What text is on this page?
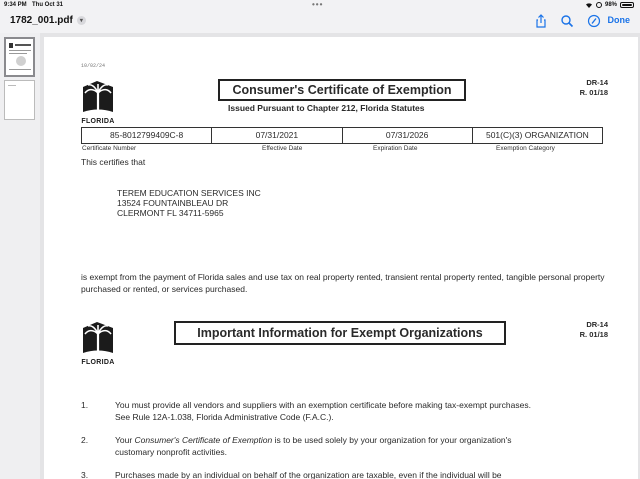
9:34 PM Thu Oct 31	•••	98%
1782_001.pdf	▾	Done
10/02/24
FLORIDA
Consumer's Certificate of Exemption
Issued Pursuant to Chapter 212, Florida Statutes
DR-14
R. 01/18
85-8012799409C-8	07/31/2021	07/31/2026	501(C)(3) ORGANIZATION
Certificate Number	Effective Date	Expiration Date	Exemption Category
This certifies that
TEREM EDUCATION SERVICES INC
13524 FOUNTAINBLEAU DR
CLERMONT FL 34711-5965
is exempt from the payment of Florida sales and use tax on real property rented, transient rental property rented, tangible personal property purchased or rented, or services purchased.
FLORIDA
Important Information for Exempt Organizations
DR-14
R. 01/18
1.	You must provide all vendors and suppliers with an exemption certificate before making tax-exempt purchases.
See Rule 12A-1.038, Florida Administrative Code (F.A.C.).
2.	Your Consumer's Certificate of Exemption is to be used solely by your organization for your organization's
customary nonprofit activities.
3.	Purchases made by an individual on behalf of the organization are taxable, even if the individual will be
